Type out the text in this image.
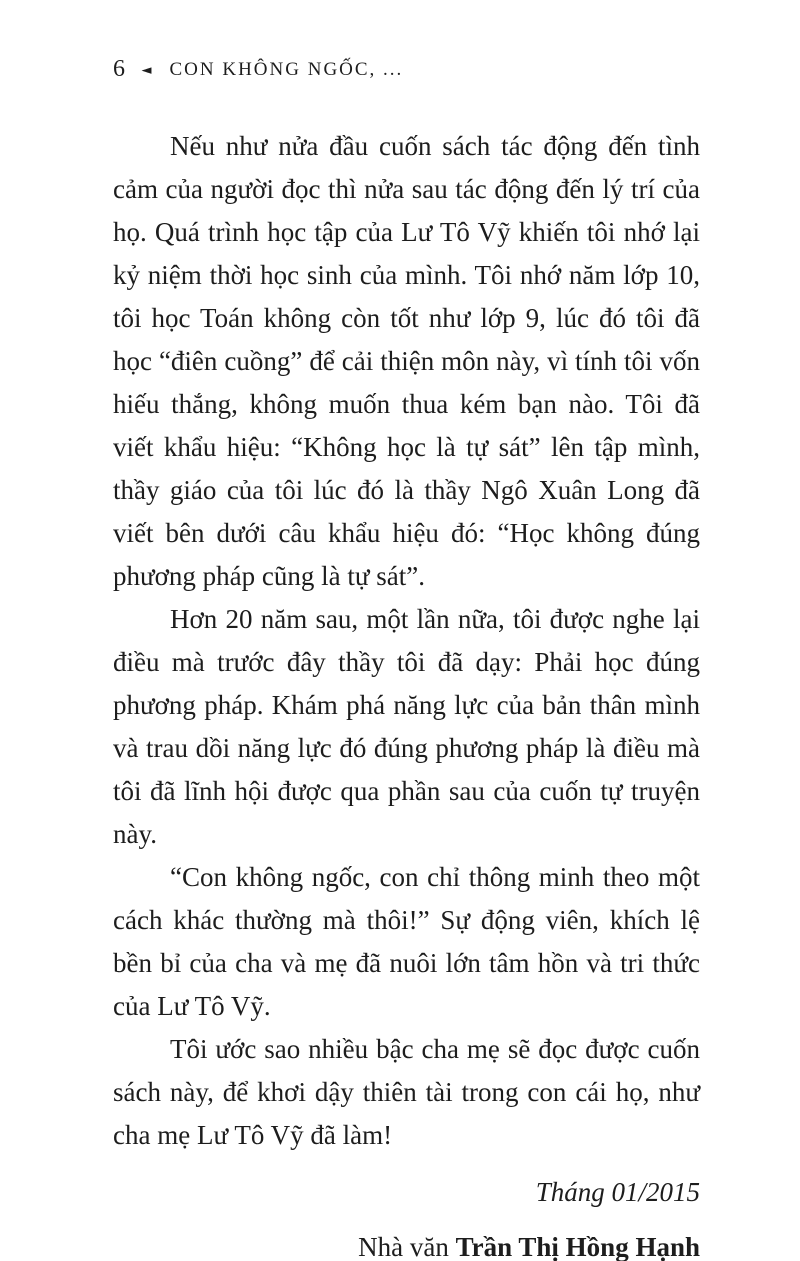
6 ◄ CON KHÔNG NGỐC, ...

Nếu như nửa đầu cuốn sách tác động đến tình cảm của người đọc thì nửa sau tác động đến lý trí của họ. Quá trình học tập của Lư Tô Vỹ khiến tôi nhớ lại kỷ niệm thời học sinh của mình. Tôi nhớ năm lớp 10, tôi học Toán không còn tốt như lớp 9, lúc đó tôi đã học “điên cuồng” để cải thiện môn này, vì tính tôi vốn hiếu thắng, không muốn thua kém bạn nào. Tôi đã viết khẩu hiệu: “Không học là tự sát” lên tập mình, thầy giáo của tôi lúc đó là thầy Ngô Xuân Long đã viết bên dưới câu khẩu hiệu đó: “Học không đúng phương pháp cũng là tự sát”.

Hơn 20 năm sau, một lần nữa, tôi được nghe lại điều mà trước đây thầy tôi đã dạy: Phải học đúng phương pháp. Khám phá năng lực của bản thân mình và trau dồi năng lực đó đúng phương pháp là điều mà tôi đã lĩnh hội được qua phần sau của cuốn tự truyện này.

“Con không ngốc, con chỉ thông minh theo một cách khác thường mà thôi!” Sự động viên, khích lệ bền bỉ của cha và mẹ đã nuôi lớn tâm hồn và tri thức của Lư Tô Vỹ.

Tôi ước sao nhiều bậc cha mẹ sẽ đọc được cuốn sách này, để khơi dậy thiên tài trong con cái họ, như cha mẹ Lư Tô Vỹ đã làm!

Tháng 01/2015

Nhà văn Trần Thị Hồng Hạnh
